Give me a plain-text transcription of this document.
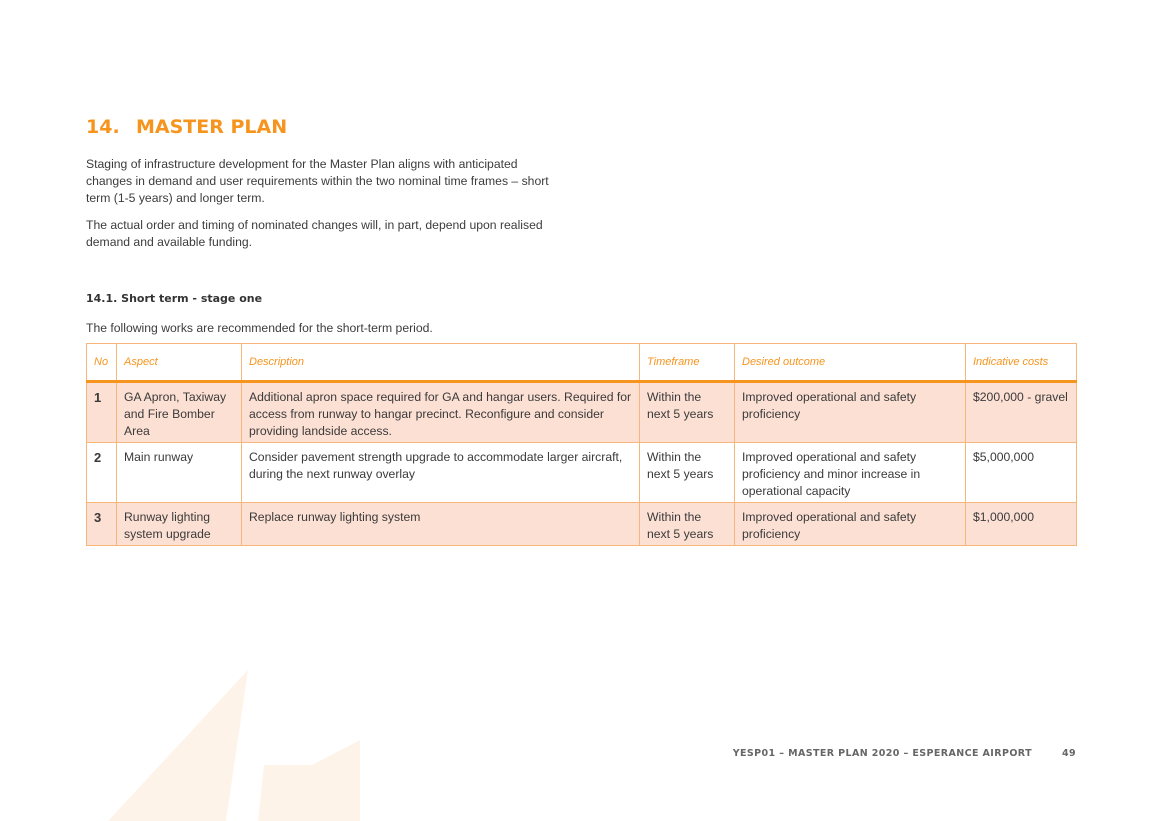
14. MASTER PLAN

Staging of infrastructure development for the Master Plan aligns with anticipated changes in demand and user requirements within the two nominal time frames – short term (1-5 years) and longer term.

The actual order and timing of nominated changes will, in part, depend upon realised demand and available funding.

14.1. Short term - stage one

The following works are recommended for the short-term period.

No	Aspect	Description	Timeframe	Desired outcome	Indicative costs
1	GA Apron, Taxiway and Fire Bomber Area	Additional apron space required for GA and hangar users. Required for access from runway to hangar precinct. Reconfigure and consider providing landside access.	Within the next 5 years	Improved operational and safety proficiency	$200,000 - gravel
2	Main runway	Consider pavement strength upgrade to accommodate larger aircraft, during the next runway overlay	Within the next 5 years	Improved operational and safety proficiency and minor increase in operational capacity	$5,000,000
3	Runway lighting system upgrade	Replace runway lighting system	Within the next 5 years	Improved operational and safety proficiency	$1,000,000

YESP01 – MASTER PLAN 2020 – ESPERANCE AIRPORT	49
